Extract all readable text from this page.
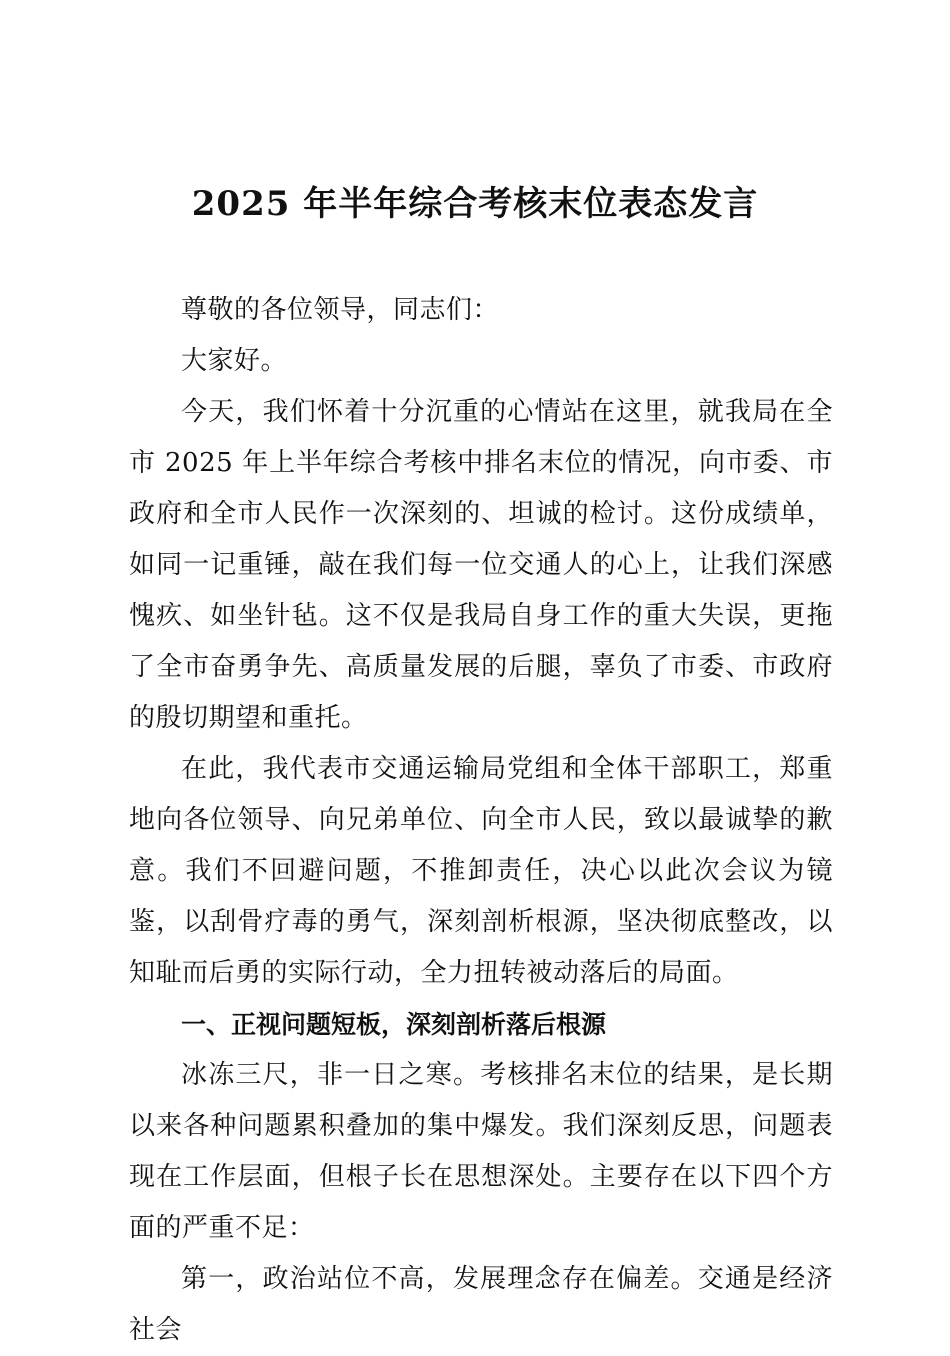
2025 年半年综合考核末位表态发言

尊敬的各位领导，同志们：

大家好。

今天，我们怀着十分沉重的心情站在这里，就我局在全市 2025 年上半年综合考核中排名末位的情况，向市委、市政府和全市人民作一次深刻的、坦诚的检讨。这份成绩单，如同一记重锤，敲在我们每一位交通人的心上，让我们深感愧疚、如坐针毡。这不仅是我局自身工作的重大失误，更拖了全市奋勇争先、高质量发展的后腿，辜负了市委、市政府的殷切期望和重托。

在此，我代表市交通运输局党组和全体干部职工，郑重地向各位领导、向兄弟单位、向全市人民，致以最诚挚的歉意。我们不回避问题，不推卸责任，决心以此次会议为镜鉴，以刮骨疗毒的勇气，深刻剖析根源，坚决彻底整改，以知耻而后勇的实际行动，全力扭转被动落后的局面。

一、正视问题短板，深刻剖析落后根源

冰冻三尺，非一日之寒。考核排名末位的结果，是长期以来各种问题累积叠加的集中爆发。我们深刻反思，问题表现在工作层面，但根子长在思想深处。主要存在以下四个方面的严重不足：

第一，政治站位不高，发展理念存在偏差。交通是经济社会
